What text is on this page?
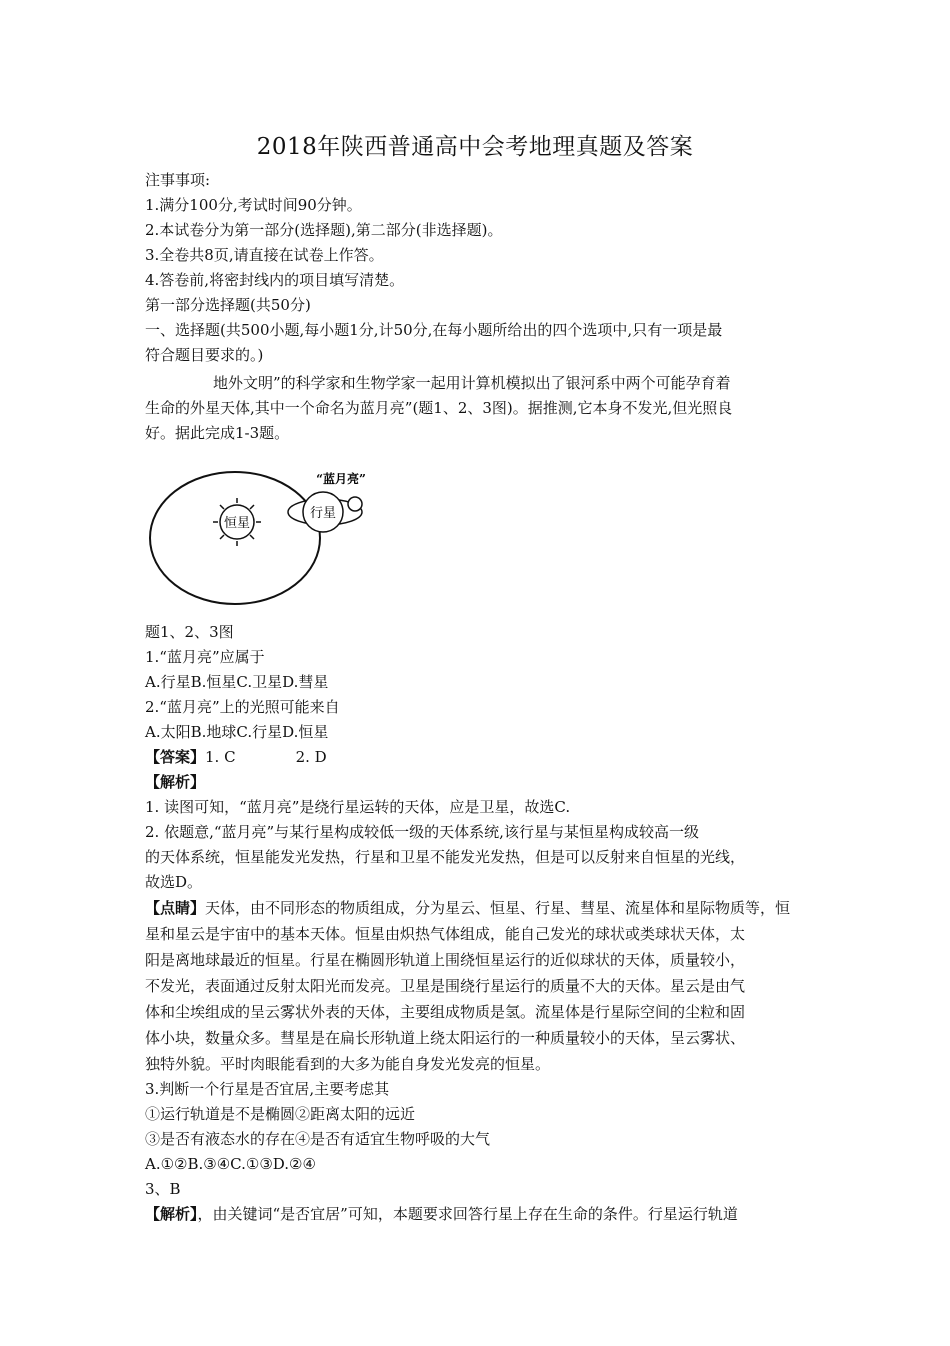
2018年陕西普通高中会考地理真题及答案
注事事项:
1.满分100分,考试时间90分钟。
2.本试卷分为第一部分(选择题),第二部分(非选择题)。
3.全卷共8页,请直接在试卷上作答。
4.答卷前,将密封线内的项目填写清楚。
第一部分选择题(共50分)
一、选择题(共500小题,每小题1分,计50分,在每小题所给出的四个选项中,只有一项是最
符合题目要求的。)
地外文明”的科学家和生物学家一起用计算机模拟出了银河系中两个可能孕育着
生命的外星天体,其中一个命名为蓝月亮”(题1、2、3图)。据推测,它本身不发光,但光照良
好。据此完成1-3题。
恒星
行星
“蓝月亮”
题1、2、3图
1.“蓝月亮”应属于
A.行星B.恒星C.卫星D.彗星
2.“蓝月亮”上的光照可能来自
A.太阳B.地球C.行星D.恒星
【答案】1. C	2. D
【解析】
1. 读图可知，“蓝月亮”是绕行星运转的天体，应是卫星，故选C.
2. 依题意,“蓝月亮”与某行星构成较低一级的天体系统,该行星与某恒星构成较高一级
的天体系统，恒星能发光发热，行星和卫星不能发光发热，但是可以反射来自恒星的光线，
故选D。
【点睛】天体，由不同形态的物质组成，分为星云、恒星、行星、彗星、流星体和星际物质等，恒
星和星云是宇宙中的基本天体。恒星由炽热气体组成，能自己发光的球状或类球状天体，太
阳是离地球最近的恒星。行星在椭圆形轨道上围绕恒星运行的近似球状的天体，质量较小，
不发光，表面通过反射太阳光而发亮。卫星是围绕行星运行的质量不大的天体。星云是由气
体和尘埃组成的呈云雾状外表的天体，主要组成物质是氢。流星体是行星际空间的尘粒和固
体小块，数量众多。彗星是在扁长形轨道上绕太阳运行的一种质量较小的天体，呈云雾状、
独特外貌。平时肉眼能看到的大多为能自身发光发亮的恒星。
3.判断一个行星是否宜居,主要考虑其
①运行轨道是不是椭圆②距离太阳的远近
③是否有液态水的存在④是否有适宜生物呼吸的大气
A.①②B.③④C.①③D.②④
3、B
【解析】，由关键词“是否宜居”可知，本题要求回答行星上存在生命的条件。行星运行轨道
